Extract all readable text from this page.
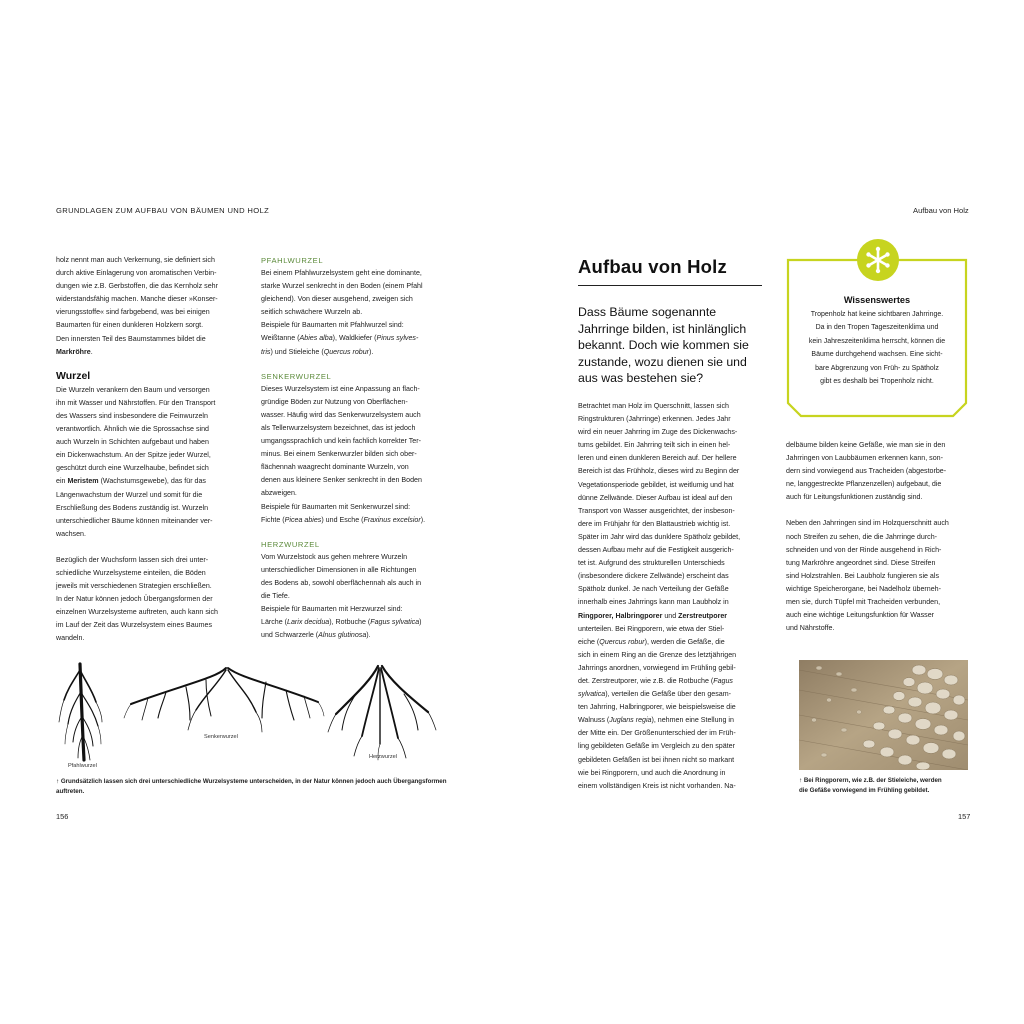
GRUNDLAGEN ZUM AUFBAU VON BÄUMEN UND HOLZ	Aufbau von Holz

holz nennt man auch Verkernung, sie definiert sich

durch aktive Einlagerung von aromatischen Verbin-

dungen wie z.B. Gerbstoffen, die das Kernholz sehr

widerstandsfähig machen. Manche dieser »Konser-

vierungsstoffe« sind farbgebend, was bei einigen

Baumarten für einen dunkleren Holzkern sorgt.

Den innersten Teil des Baumstammes bildet die

Markröhre.

Wurzel

Die Wurzeln verankern den Baum und versorgen

ihn mit Wasser und Nährstoffen. Für den Transport

des Wassers sind insbesondere die Feinwurzeln

verantwortlich. Ähnlich wie die Sprossachse sind

auch Wurzeln in Schichten aufgebaut und haben

ein Dickenwachstum. An der Spitze jeder Wurzel,

geschützt durch eine Wurzelhaube, befindet sich

ein Meristem (Wachstumsgewebe), das für das

Längenwachstum der Wurzel und somit für die

Erschließung des Bodens zuständig ist. Wurzeln

unterschiedlicher Bäume können miteinander ver-

wachsen.

Bezüglich der Wuchsform lassen sich drei unter-

schiedliche Wurzelsysteme einteilen, die Böden

jeweils mit verschiedenen Strategien erschließen.

In der Natur können jedoch Übergangsformen der

einzelnen Wurzelsysteme auftreten, auch kann sich

im Lauf der Zeit das Wurzelsystem eines Baumes

wandeln.

PFAHLWURZEL

Bei einem Pfahlwurzelsystem geht eine dominante,

starke Wurzel senkrecht in den Boden (einem Pfahl

gleichend). Von dieser ausgehend, zweigen sich

seitlich schwächere Wurzeln ab.

Beispiele für Baumarten mit Pfahlwurzel sind:

Weißtanne (Abies alba), Waldkiefer (Pinus sylves-

tris) und Stieleiche (Quercus robur).

SENKERWURZEL

Dieses Wurzelsystem ist eine Anpassung an flach-

gründige Böden zur Nutzung von Oberflächen-

wasser. Häufig wird das Senkerwurzelsystem auch

als Tellerwurzelsystem bezeichnet, das ist jedoch

umgangssprachlich und kein fachlich korrekter Ter-

minus. Bei einem Senkerwurzler bilden sich ober-

flächennah waagrecht dominante Wurzeln, von

denen aus kleinere Senker senkrecht in den Boden

abzweigen.

Beispiele für Baumarten mit Senkerwurzel sind:

Fichte (Picea abies) und Esche (Fraxinus excelsior).

HERZWURZEL

Vom Wurzelstock aus gehen mehrere Wurzeln

unterschiedlicher Dimensionen in alle Richtungen

des Bodens ab, sowohl oberflächennah als auch in

die Tiefe.

Beispiele für Baumarten mit Herzwurzel sind:

Lärche (Larix decidua), Rotbuche (Fagus sylvatica)

und Schwarzerle (Alnus glutinosa).

Pfahlwurzel
Senkerwurzel
Herzwurzel
↑ Grundsätzlich lassen sich drei unterschiedliche Wurzelsysteme unterscheiden, in der Natur können jedoch auch Übergangsformen
auftreten.
156
Aufbau von Holz
Dass Bäume sogenannte Jahrringe bilden, ist hinlänglich bekannt. Doch wie kommen sie zustande, wozu dienen sie und aus was bestehen sie?
Wissenswertes
Tropenholz hat keine sichtbaren Jahrringe.
Da in den Tropen Tageszeitenklima und
kein Jahreszeitenklima herrscht, können die
Bäume durchgehend wachsen. Eine sicht-
bare Abgrenzung von Früh- zu Spätholz
gibt es deshalb bei Tropenholz nicht.

Betrachtet man Holz im Querschnitt, lassen sich

Ringstrukturen (Jahrringe) erkennen. Jedes Jahr

wird ein neuer Jahrring im Zuge des Dickenwachs-

tums gebildet. Ein Jahrring teilt sich in einen hel-

leren und einen dunkleren Bereich auf. Der hellere

Bereich ist das Frühholz, dieses wird zu Beginn der

Vegetationsperiode gebildet, ist weitlumig und hat

dünne Zellwände. Dieser Aufbau ist ideal auf den

Transport von Wasser ausgerichtet, der insbeson-

dere im Frühjahr für den Blattaustrieb wichtig ist.

Später im Jahr wird das dunklere Spätholz gebildet,

dessen Aufbau mehr auf die Festigkeit ausgerich-

tet ist. Aufgrund des strukturellen Unterschieds

(insbesondere dickere Zellwände) erscheint das

Spätholz dunkel. Je nach Verteilung der Gefäße

innerhalb eines Jahrrings kann man Laubholz in

Ringporer, Halbringporer und Zerstreutporer

unterteilen. Bei Ringporern, wie etwa der Stiel-

eiche (Quercus robur), werden die Gefäße, die

sich in einem Ring an die Grenze des letztjährigen

Jahrrings anordnen, vorwiegend im Frühling gebil-

det. Zerstreutporer, wie z.B. die Rotbuche (Fagus

sylvatica), verteilen die Gefäße über den gesam-

ten Jahrring, Halbringporer, wie beispielsweise die

Walnuss (Juglans regia), nehmen eine Stellung in

der Mitte ein. Der Größenunterschied der im Früh-

ling gebildeten Gefäße im Vergleich zu den später

gebildeten Gefäßen ist bei ihnen nicht so markant

wie bei Ringporern, und auch die Anordnung in

einem vollständigen Kreis ist nicht vorhanden. Na-

delbäume bilden keine Gefäße, wie man sie in den

Jahrringen von Laubbäumen erkennen kann, son-

dern sind vorwiegend aus Tracheiden (abgestorbe-

ne, langgestreckte Pflanzenzellen) aufgebaut, die

auch für Leitungsfunktionen zuständig sind.

Neben den Jahrringen sind im Holzquerschnitt auch

noch Streifen zu sehen, die die Jahrringe durch-

schneiden und von der Rinde ausgehend in Rich-

tung Markröhre angeordnet sind. Diese Streifen

sind Holzstrahlen. Bei Laubholz fungieren sie als

wichtige Speicherorgane, bei Nadelholz überneh-

men sie, durch Tüpfel mit Tracheiden verbunden,

auch eine wichtige Leitungsfunktion für Wasser

und Nährstoffe.

↑ Bei Ringporern, wie z.B. der Stieleiche, werden
die Gefäße vorwiegend im Frühling gebildet.
157
